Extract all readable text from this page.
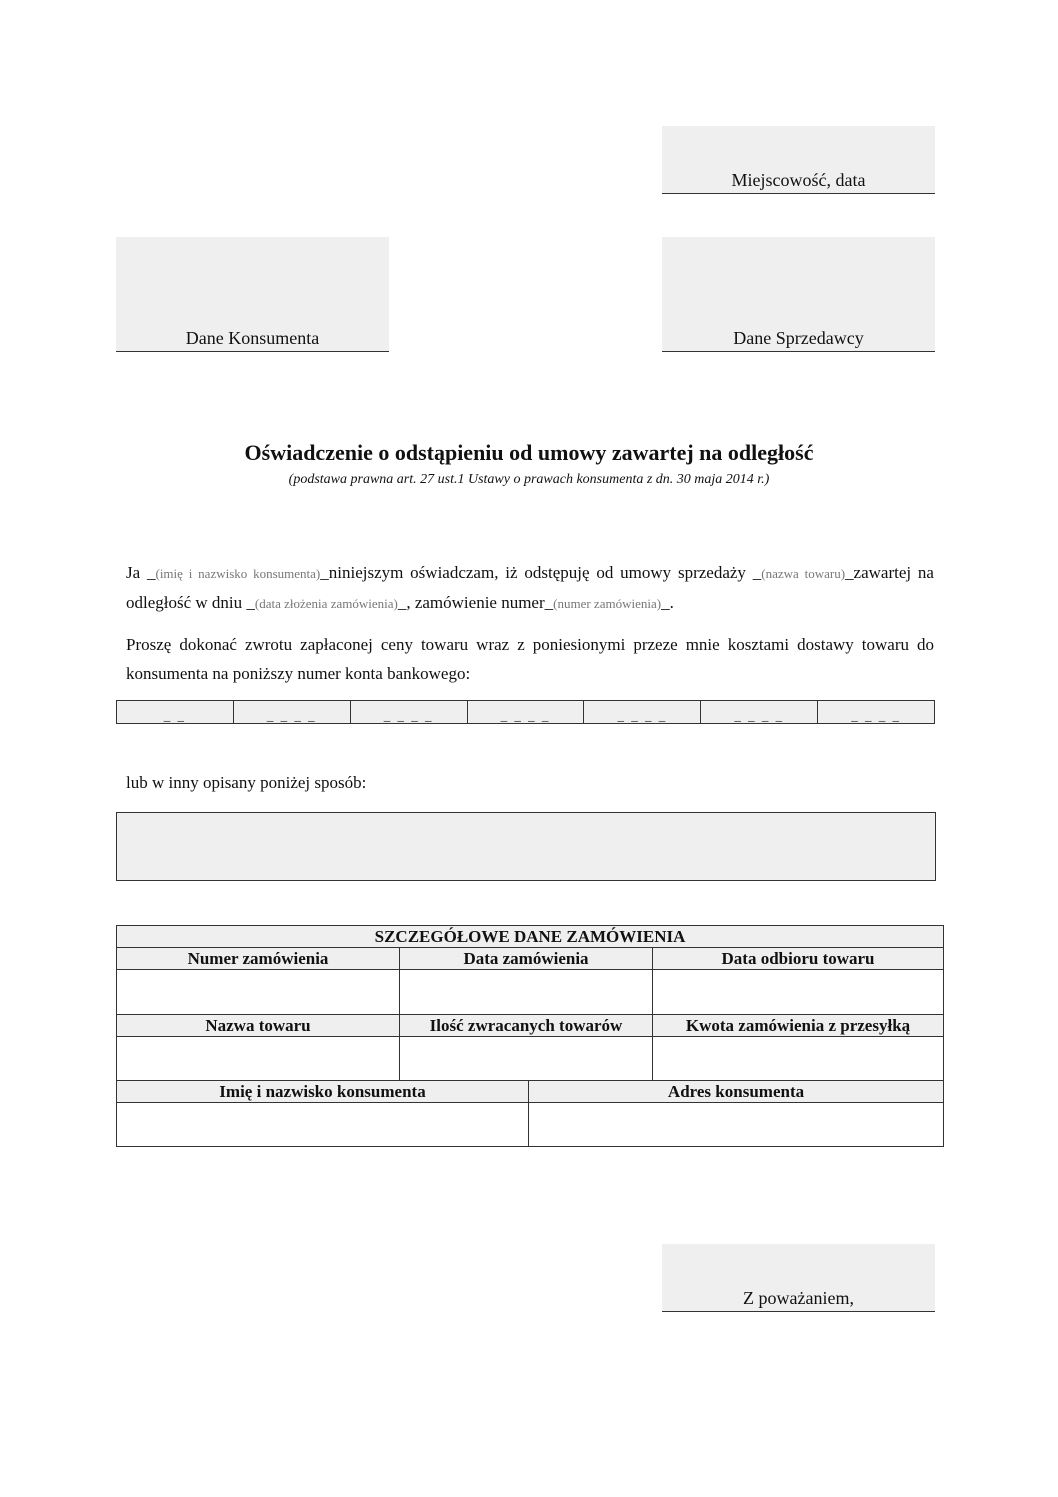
Miejscowość, data
Dane Konsumenta	Dane Sprzedawcy
Oświadczenie o odstąpieniu od umowy zawartej na odległość
(podstawa prawna art. 27 ust.1 Ustawy o prawach konsumenta z dn. 30 maja 2014 r.)
Ja _(imię i nazwisko konsumenta)_niniejszym oświadczam, iż odstępuję od umowy sprzedaży _(nazwa towaru)_zawartej na odległość w dniu _(data złożenia zamówienia)_, zamówienie numer_(numer zamówienia)_.
Proszę dokonać zwrotu zapłaconej ceny towaru wraz z poniesionymi przeze mnie kosztami dostawy towaru do konsumenta na poniższy numer konta bankowego:
_ _	_ _ _ _	_ _ _ _	_ _ _ _	_ _ _ _	_ _ _ _	_ _ _ _
lub w inny opisany poniżej sposób:
SZCZEGÓŁOWE DANE ZAMÓWIENIA			
Numer zamówienia	Data zamówienia		Data odbioru towaru

Nazwa towaru	Ilość zwracanych towarów		Kwota zamówienia z przesyłką

Imię i nazwisko konsumenta		Adres konsumenta	

Z poważaniem,
